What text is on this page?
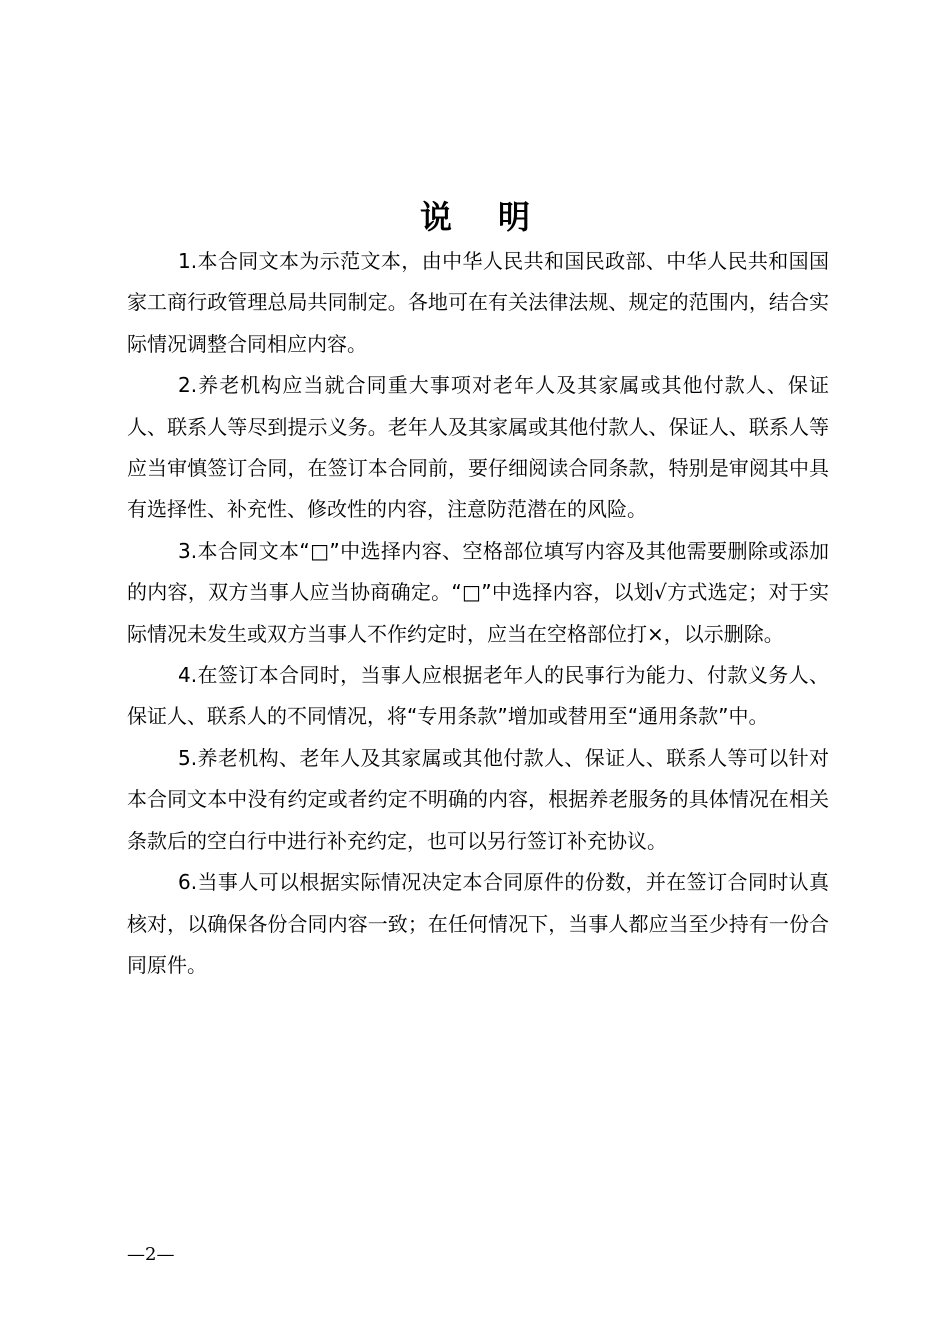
说 明

1.本合同文本为示范文本，由中华人民共和国民政部、中华人民共和国国家工商行政管理总局共同制定。各地可在有关法律法规、规定的范围内，结合实际情况调整合同相应内容。

2.养老机构应当就合同重大事项对老年人及其家属或其他付款人、保证人、联系人等尽到提示义务。老年人及其家属或其他付款人、保证人、联系人等应当审慎签订合同，在签订本合同前，要仔细阅读合同条款，特别是审阅其中具有选择性、补充性、修改性的内容，注意防范潜在的风险。

3.本合同文本“□”中选择内容、空格部位填写内容及其他需要删除或添加的内容，双方当事人应当协商确定。“□”中选择内容，以划√方式选定；对于实际情况未发生或双方当事人不作约定时，应当在空格部位打×，以示删除。

4.在签订本合同时，当事人应根据老年人的民事行为能力、付款义务人、保证人、联系人的不同情况，将“专用条款”增加或替用至“通用条款”中。

5.养老机构、老年人及其家属或其他付款人、保证人、联系人等可以针对本合同文本中没有约定或者约定不明确的内容，根据养老服务的具体情况在相关条款后的空白行中进行补充约定，也可以另行签订补充协议。

6.当事人可以根据实际情况决定本合同原件的份数，并在签订合同时认真核对，以确保各份合同内容一致；在任何情况下，当事人都应当至少持有一份合同原件。

—2—
